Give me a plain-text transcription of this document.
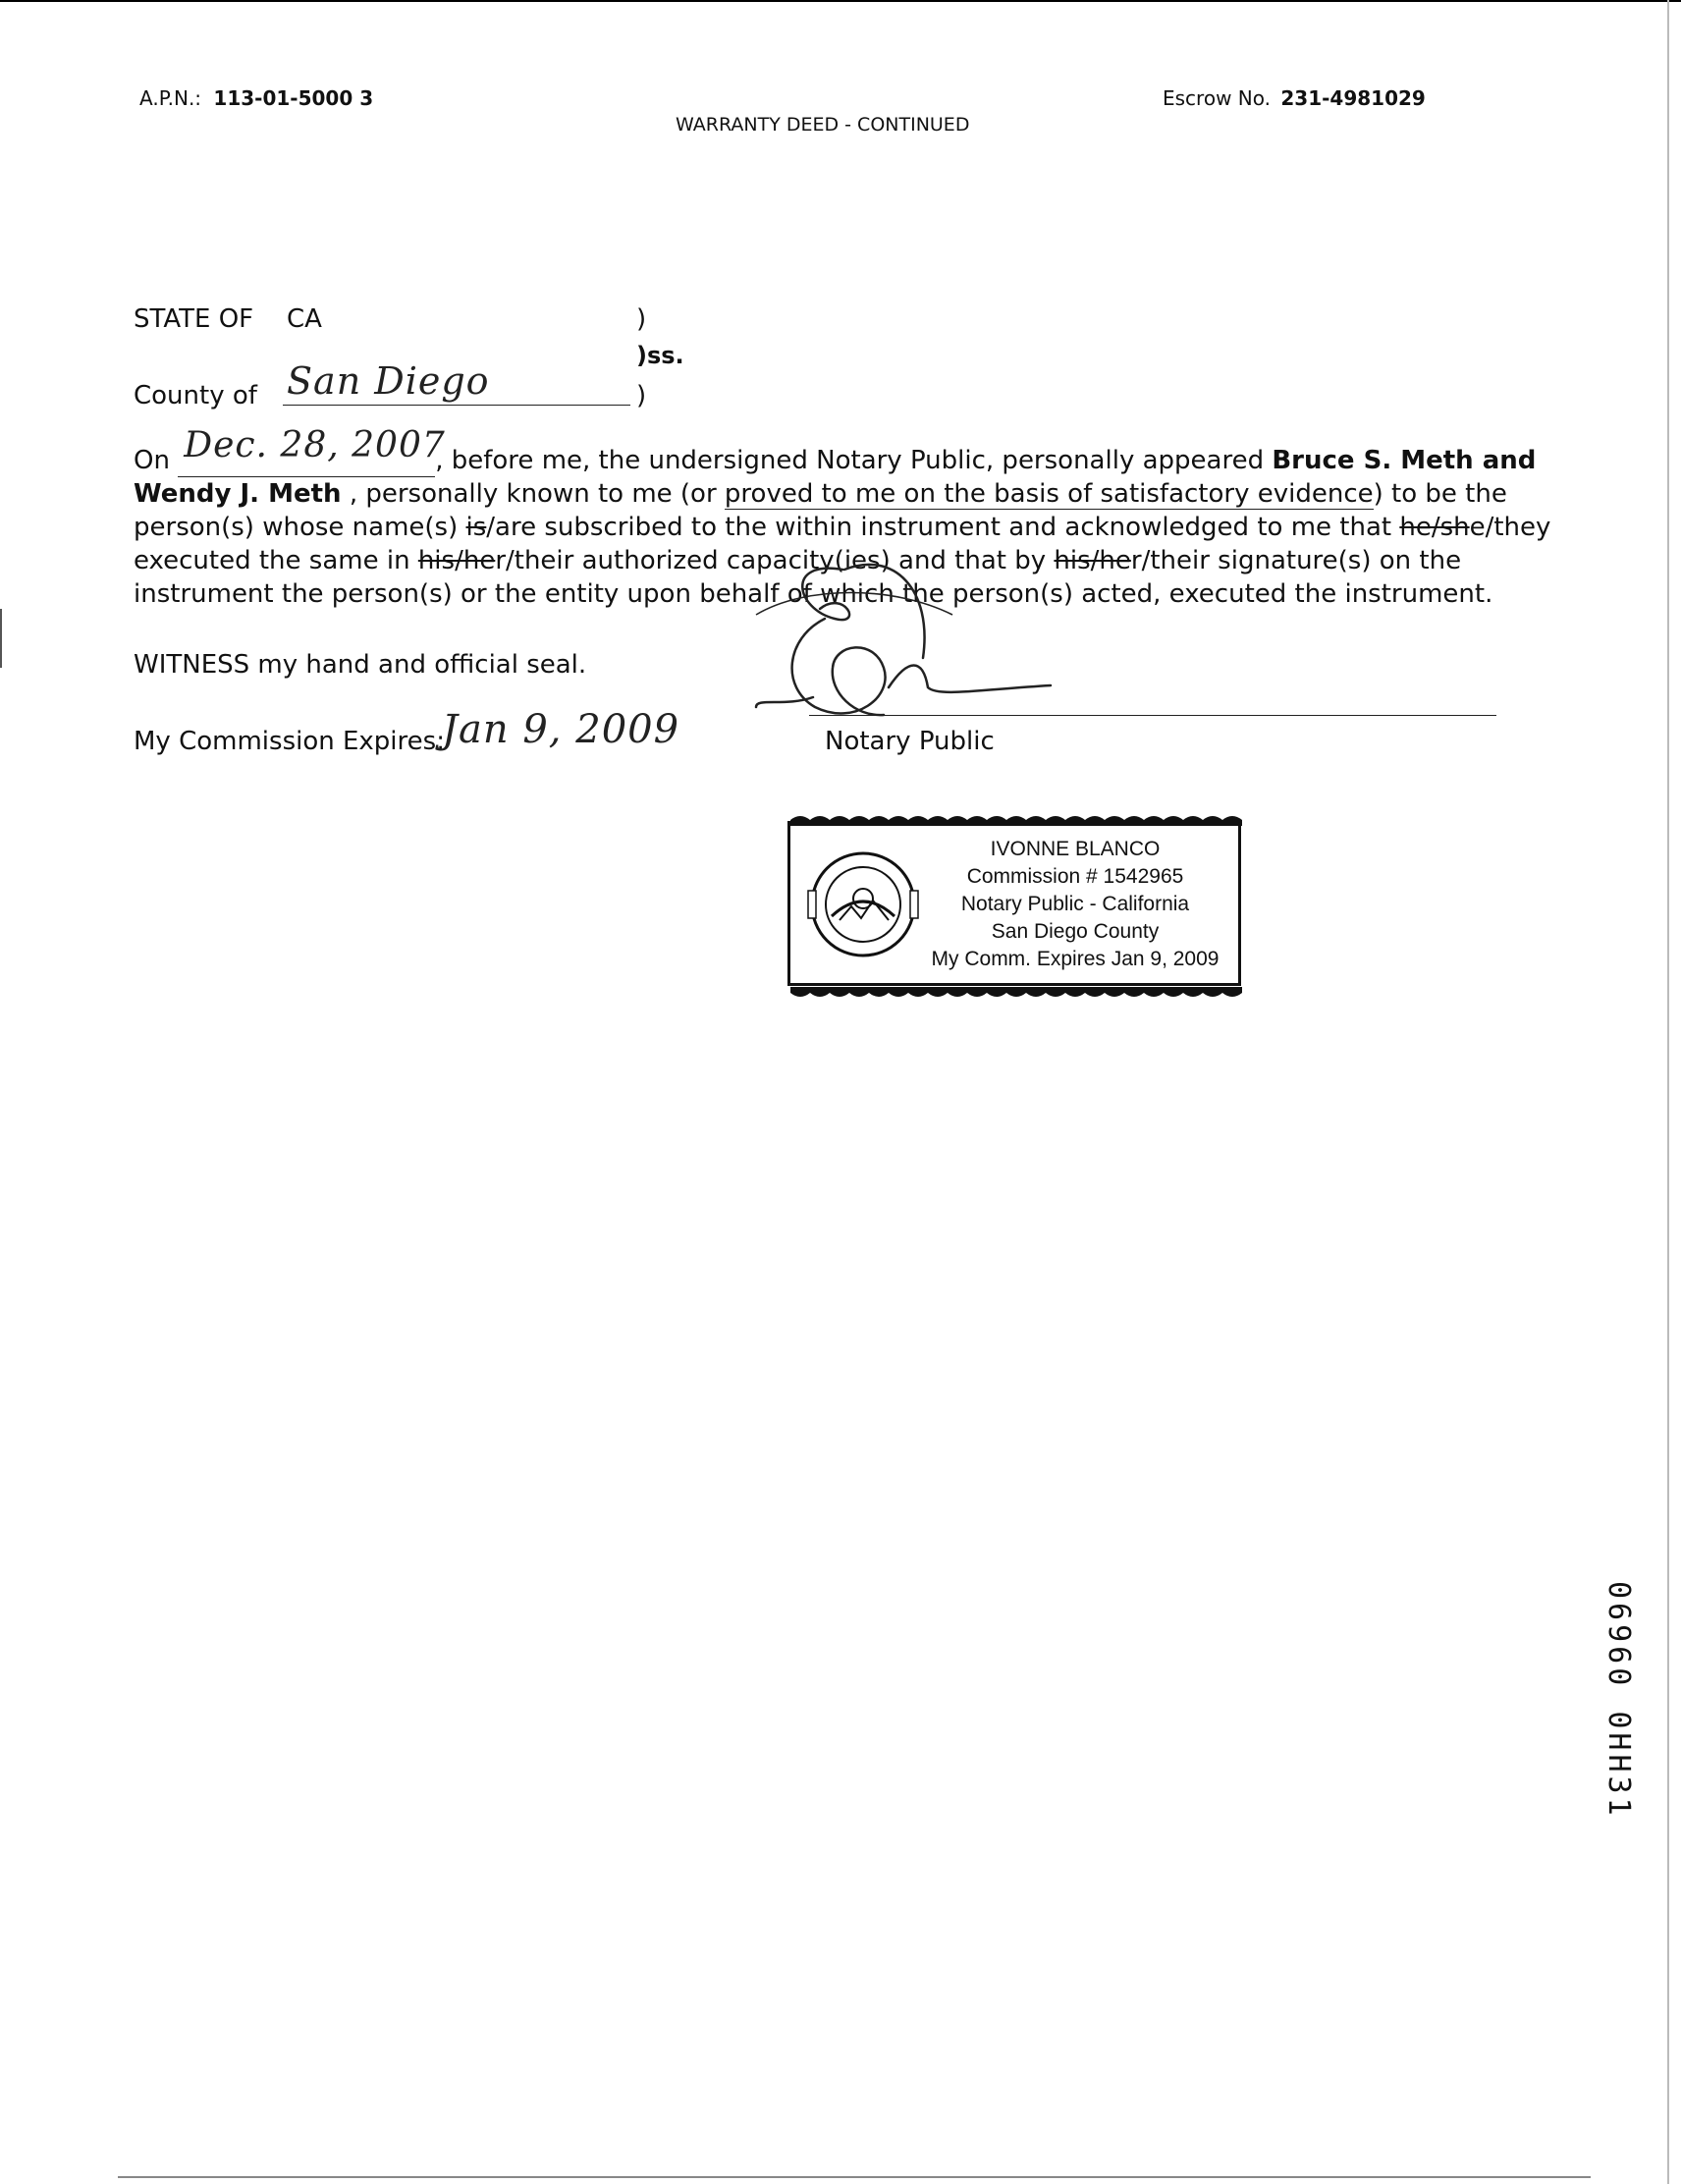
A.P.N.: 113-01-5000 3	Escrow No. 231-4981029
WARRANTY DEED - CONTINUED
STATE OF CA	)
)ss.
County of San Diego	)
On Dec. 28, 2007
, before me, the undersigned Notary Public, personally appeared Bruce S. Meth and
Wendy J. Meth , personally known to me (or proved to me on the basis of satisfactory evidence) to be the
person(s) whose name(s) is/are subscribed to the within instrument and acknowledged to me that he/she/they
executed the same in his/her/their authorized capacity(ies) and that by his/her/their signature(s) on the
instrument the person(s) or the entity upon behalf of which the person(s) acted, executed the instrument.
WITNESS my hand and official seal.
My Commission Expires:
Jan 9, 2009	Notary Public
IVONNE BLANCO
Commission # 1542965
Notary Public - California
San Diego County
My Comm. Expires Jan 9, 2009
06960 0HH31
